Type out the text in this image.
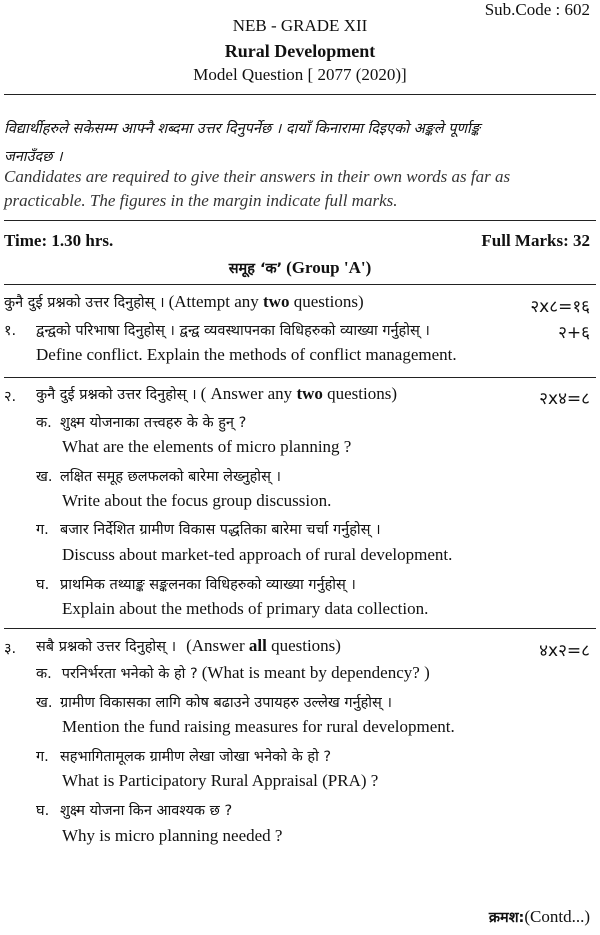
Sub.Code : 602
NEB - GRADE XII
Rural Development
Model Question [ 2077 (2020)]
विद्यार्थीहरुले सकेसम्म आफ्नै शब्दमा उत्तर दिनुपर्नेछ । दायाँ किनारामा दिइएको अङ्कले पूर्णाङ्क
जनाउँदछ ।
Candidates are required to give their answers in their own words as far as
practicable. The figures in the margin indicate full marks.
Time: 1.30 hrs.	Full Marks: 32
समूह ‘क’ (Group 'A')
कुनै दुई प्रश्नको उत्तर दिनुहोस् । (Attempt any two questions)	२x८=१६
१. द्वन्द्वको परिभाषा दिनुहोस् । द्वन्द्व व्यवस्थापनका विधिहरुको व्याख्या गर्नुहोस् ।	२+६
Define conflict. Explain the methods of conflict management.
२. कुनै दुई प्रश्नको उत्तर दिनुहोस् । ( Answer any two questions)	२x४=८
क. शुक्ष्म योजनाका तत्त्वहरु के के हुन् ?
What are the elements of micro planning ?
ख. लक्षित समूह छलफलको बारेमा लेख्नुहोस् ।
Write about the focus group discussion.
ग. बजार निर्देशित ग्रामीण विकास पद्धतिका बारेमा चर्चा गर्नुहोस् ।
Discuss about market-ted approach of rural development.
घ. प्राथमिक तथ्याङ्क सङ्कलनका विधिहरुको व्याख्या गर्नुहोस् ।
Explain about the methods of primary data collection.
३. सबै प्रश्नको उत्तर दिनुहोस् । (Answer all questions)	४x२=८
क. परनिर्भरता भनेको के हो ? (What is meant by dependency? )
ख. ग्रामीण विकासका लागि कोष बढाउने उपायहरु उल्लेख गर्नुहोस् ।
Mention the fund raising measures for rural development.
ग. सहभागितामूलक ग्रामीण लेखा जोखा भनेको के हो ?
What is Participatory Rural Appraisal (PRA) ?
घ. शुक्ष्म योजना किन आवश्यक छ ?
Why is micro planning needed ?
क्रमश:(Contd...)
